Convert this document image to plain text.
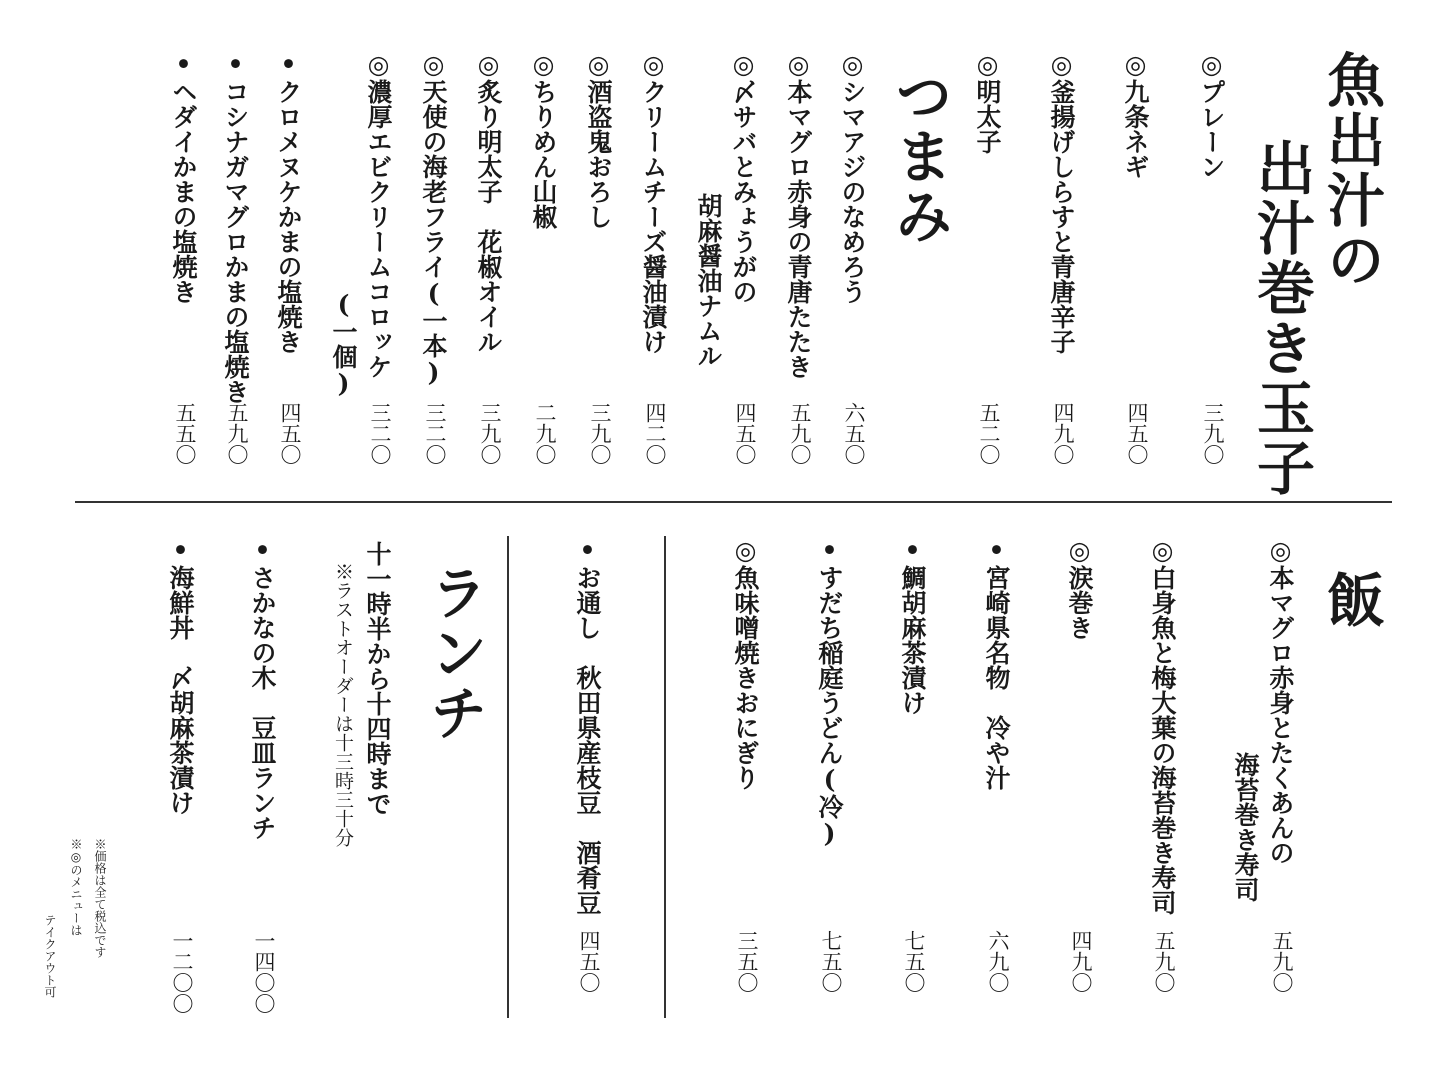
魚出汁の
出汁巻き玉子
◎プレーン
三九〇
◎九条ネギ
四五〇
◎釜揚げしらすと青唐辛子
四九〇
◎明太子
五二〇
つまみ
◎シマアジのなめろう
六五〇
◎本マグロ赤身の青唐たたき
五九〇
◎〆サバとみょうがの
胡麻醤油ナムル
四五〇
◎クリームチーズ醤油漬け
四二〇
◎酒盗鬼おろし
三九〇
◎ちりめん山椒
二九〇
◎炙り明太子　花椒オイル
三九〇
◎天使の海老フライ(一本)
三二〇
◎濃厚エビクリームコロッケ
(一個)
三二〇
•クロメヌケかまの塩焼き
四五〇
•コシナガマグロかまの塩焼き
五九〇
•ヘダイかまの塩焼き
五五〇
飯
◎本マグロ赤身とたくあんの
海苔巻き寿司
五九〇
◎白身魚と梅大葉の海苔巻き寿司
五九〇
◎涙巻き
四九〇
•宮崎県名物　冷や汁
六九〇
•鯛胡麻茶漬け
七五〇
•すだち稲庭うどん(冷)
七五〇
◎魚味噌焼きおにぎり
三五〇
•お通し　秋田県産枝豆　酒肴豆
四五〇
ランチ
十一時半から十四時まで
※ラストオーダーは十三時三十分
•さかなの木　豆皿ランチ
一四〇〇
•海鮮丼　〆胡麻茶漬け
一二〇〇
※価格は全て税込です
※◎のメニューは
テイクアウト可
